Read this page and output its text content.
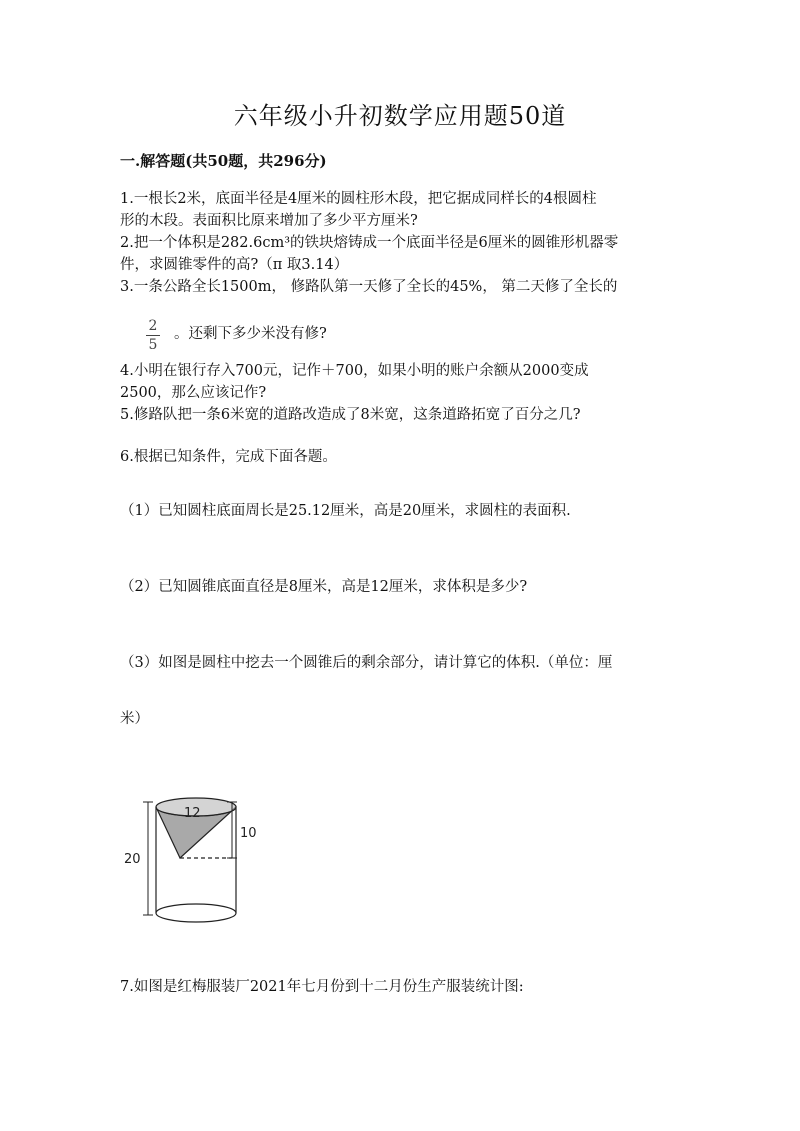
六年级小升初数学应用题50道
一.解答题(共50题，共296分)
1.一根长2米，底面半径是4厘米的圆柱形木段，把它据成同样长的4根圆柱
形的木段。表面积比原来增加了多少平方厘米?
2.把一个体积是282.6cm³的铁块熔铸成一个底面半径是6厘米的圆锥形机器零
件，求圆锥零件的高?（π 取3.14）
3.一条公路全长1500m， 修路队第一天修了全长的45%， 第二天修了全长的
2
5
。还剩下多少米没有修?
4.小明在银行存入700元，记作＋700，如果小明的账户余额从2000变成
2500，那么应该记作?
5.修路队把一条6米宽的道路改造成了8米宽，这条道路拓宽了百分之几?
6.根据已知条件，完成下面各题。
（1）已知圆柱底面周长是25.12厘米，高是20厘米，求圆柱的表面积.
（2）已知圆锥底面直径是8厘米，高是12厘米，求体积是多少?
（3）如图是圆柱中挖去一个圆锥后的剩余部分，请计算它的体积.（单位：厘
米）
12
10
20
7.如图是红梅服装厂2021年七月份到十二月份生产服装统计图:
